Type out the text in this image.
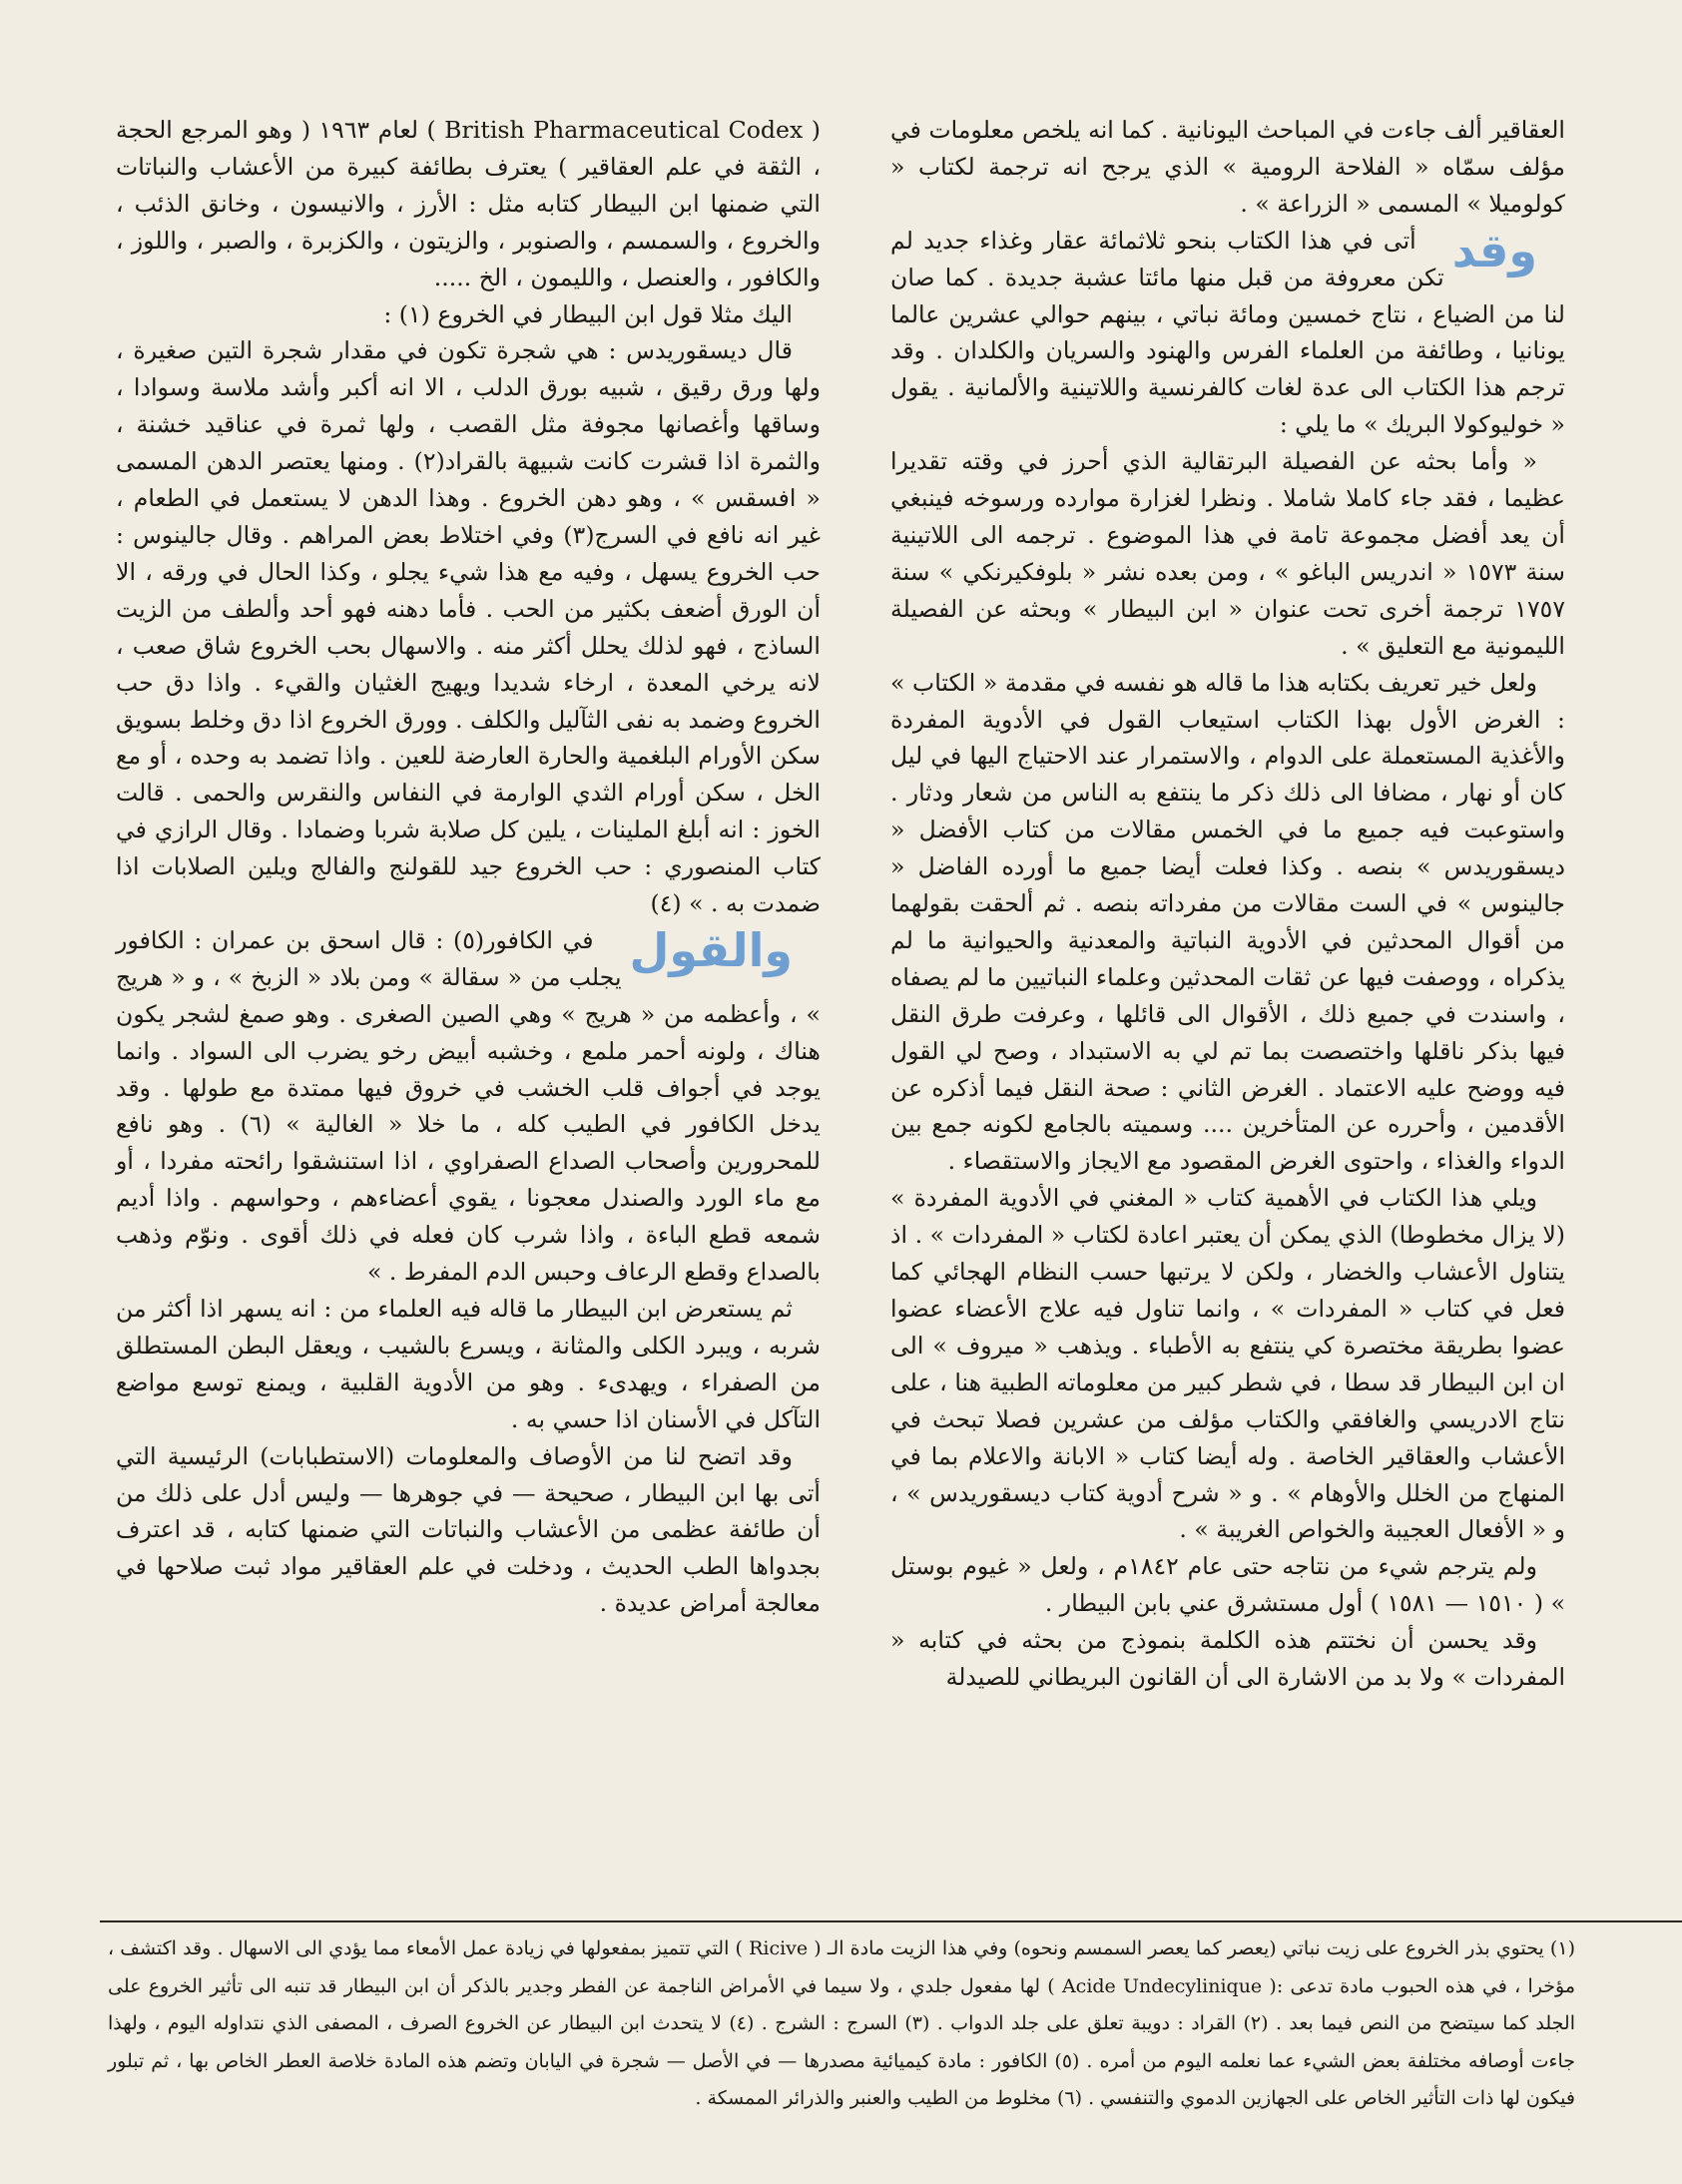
العقاقير ألف جاءت في المباحث اليونانية . كما انه يلخص معلومات في مؤلف سمّاه « الفلاحة الرومية » الذي يرجح انه ترجمة لكتاب « كولوميلا » المسمى « الزراعة » .

وقد
أتى في هذا الكتاب بنحو ثلاثمائة عقار وغذاء جديد لم تكن معروفة من قبل منها مائتا عشبة جديدة . كما صان لنا من الضياع ، نتاج خمسين ومائة نباتي ، بينهم حوالي عشرين عالما يونانيا ، وطائفة من العلماء الفرس والهنود والسريان والكلدان . وقد ترجم هذا الكتاب الى عدة لغات كالفرنسية واللاتينية والألمانية . يقول « خوليوكولا البريك » ما يلي :

« وأما بحثه عن الفصيلة البرتقالية الذي أحرز في وقته تقديرا عظيما ، فقد جاء كاملا شاملا . ونظرا لغزارة موارده ورسوخه فينبغي أن يعد أفضل مجموعة تامة في هذا الموضوع . ترجمه الى اللاتينية سنة ١٥٧٣ « اندريس الباغو » ، ومن بعده نشر « بلوفكيرنكي » سنة ١٧٥٧ ترجمة أخرى تحت عنوان « ابن البيطار » وبحثه عن الفصيلة الليمونية مع التعليق » .

ولعل خير تعريف بكتابه هذا ما قاله هو نفسه في مقدمة « الكتاب » : الغرض الأول بهذا الكتاب استيعاب القول في الأدوية المفردة والأغذية المستعملة على الدوام ، والاستمرار عند الاحتياج اليها في ليل كان أو نهار ، مضافا الى ذلك ذكر ما ينتفع به الناس من شعار ودثار . واستوعبت فيه جميع ما في الخمس مقالات من كتاب الأفضل « ديسقوريدس » بنصه . وكذا فعلت أيضا جميع ما أورده الفاضل « جالينوس » في الست مقالات من مفرداته بنصه . ثم ألحقت بقولهما من أقوال المحدثين في الأدوية النباتية والمعدنية والحيوانية ما لم يذكراه ، ووصفت فيها عن ثقات المحدثين وعلماء النباتيين ما لم يصفاه ، واسندت في جميع ذلك ، الأقوال الى قائلها ، وعرفت طرق النقل فيها بذكر ناقلها واختصصت بما تم لي به الاستبداد ، وصح لي القول فيه ووضح عليه الاعتماد . الغرض الثاني : صحة النقل فيما أذكره عن الأقدمين ، وأحرره عن المتأخرين .... وسميته بالجامع لكونه جمع بين الدواء والغذاء ، واحتوى الغرض المقصود مع الايجاز والاستقصاء .

ويلي هذا الكتاب في الأهمية كتاب « المغني في الأدوية المفردة » (لا يزال مخطوطا) الذي يمكن أن يعتبر اعادة لكتاب « المفردات » . اذ يتناول الأعشاب والخضار ، ولكن لا يرتبها حسب النظام الهجائي كما فعل في كتاب « المفردات » ، وانما تناول فيه علاج الأعضاء عضوا عضوا بطريقة مختصرة كي ينتفع به الأطباء . ويذهب « ميروف » الى ان ابن البيطار قد سطا ، في شطر كبير من معلوماته الطبية هنا ، على نتاج الادريسي والغافقي والكتاب مؤلف من عشرين فصلا تبحث في الأعشاب والعقاقير الخاصة . وله أيضا كتاب « الابانة والاعلام بما في المنهاج من الخلل والأوهام » . و « شرح أدوية كتاب ديسقوريدس » ، و « الأفعال العجيبة والخواص الغريبة » .

ولم يترجم شيء من نتاجه حتى عام ١٨٤٢م ، ولعل « غيوم بوستل » ( ١٥١٠ — ١٥٨١ ) أول مستشرق عني بابن البيطار .

وقد يحسن أن نختتم هذه الكلمة بنموذج من بحثه في كتابه « المفردات » ولا بد من الاشارة الى أن القانون البريطاني للصيدلة

( British Pharmaceutical Codex ) لعام ١٩٦٣ ( وهو المرجع الحجة ، الثقة في علم العقاقير ) يعترف بطائفة كبيرة من الأعشاب والنباتات التي ضمنها ابن البيطار كتابه مثل : الأرز ، والانيسون ، وخانق الذئب ، والخروع ، والسمسم ، والصنوبر ، والزيتون ، والكزبرة ، والصبر ، واللوز ، والكافور ، والعنصل ، والليمون ، الخ .....

اليك مثلا قول ابن البيطار في الخروع (١) :

قال ديسقوريدس : هي شجرة تكون في مقدار شجرة التين صغيرة ، ولها ورق رقيق ، شبيه بورق الدلب ، الا انه أكبر وأشد ملاسة وسوادا ، وساقها وأغصانها مجوفة مثل القصب ، ولها ثمرة في عناقيد خشنة ، والثمرة اذا قشرت كانت شبيهة بالقراد(٢) . ومنها يعتصر الدهن المسمى « افسقس » ، وهو دهن الخروع . وهذا الدهن لا يستعمل في الطعام ، غير انه نافع في السرج(٣) وفي اختلاط بعض المراهم . وقال جالينوس : حب الخروع يسهل ، وفيه مع هذا شيء يجلو ، وكذا الحال في ورقه ، الا أن الورق أضعف بكثير من الحب . فأما دهنه فهو أحد وألطف من الزيت الساذج ، فهو لذلك يحلل أكثر منه . والاسهال بحب الخروع شاق صعب ، لانه يرخي المعدة ، ارخاء شديدا ويهيج الغثيان والقيء . واذا دق حب الخروع وضمد به نفى الثآليل والكلف . وورق الخروع اذا دق وخلط بسويق سكن الأورام البلغمية والحارة العارضة للعين . واذا تضمد به وحده ، أو مع الخل ، سكن أورام الثدي الوارمة في النفاس والنقرس والحمى . قالت الخوز : انه أبلغ الملينات ، يلين كل صلابة شربا وضمادا . وقال الرازي في كتاب المنصوري : حب الخروع جيد للقولنج والفالج ويلين الصلابات اذا ضمدت به . » (٤)

والقول
في الكافور(٥) : قال اسحق بن عمران : الكافور يجلب من « سقالة » ومن بلاد « الزبخ » ، و « هريج » ، وأعظمه من « هريج » وهي الصين الصغرى . وهو صمغ لشجر يكون هناك ، ولونه أحمر ملمع ، وخشبه أبيض رخو يضرب الى السواد . وانما يوجد في أجواف قلب الخشب في خروق فيها ممتدة مع طولها . وقد يدخل الكافور في الطيب كله ، ما خلا « الغالية » (٦) . وهو نافع للمحرورين وأصحاب الصداع الصفراوي ، اذا استنشقوا رائحته مفردا ، أو مع ماء الورد والصندل معجونا ، يقوي أعضاءهم ، وحواسهم . واذا أديم شمعه قطع الباءة ، واذا شرب كان فعله في ذلك أقوى . ونوّم وذهب بالصداع وقطع الرعاف وحبس الدم المفرط . »

ثم يستعرض ابن البيطار ما قاله فيه العلماء من : انه يسهر اذا أكثر من شربه ، ويبرد الكلى والمثانة ، ويسرع بالشيب ، ويعقل البطن المستطلق من الصفراء ، ويهدىء . وهو من الأدوية القلبية ، ويمنع توسع مواضع التآكل في الأسنان اذا حسي به .

وقد اتضح لنا من الأوصاف والمعلومات (الاستطبابات) الرئيسية التي أتى بها ابن البيطار ، صحيحة — في جوهرها — وليس أدل على ذلك من أن طائفة عظمى من الأعشاب والنباتات التي ضمنها كتابه ، قد اعترف بجدواها الطب الحديث ، ودخلت في علم العقاقير مواد ثبت صلاحها في معالجة أمراض عديدة .

(١) يحتوي بذر الخروع على زيت نباتي (يعصر كما يعصر السمسم ونحوه) وفي هذا الزيت مادة الـ ( Ricive ) التي تتميز بمفعولها في زيادة عمل الأمعاء مما يؤدي الى الاسهال . وقد اكتشف ، مؤخرا ، في هذه الحبوب مادة تدعى :( Acide Undecylinique ) لها مفعول جلدي ، ولا سيما في الأمراض الناجمة عن الفطر وجدير بالذكر أن ابن البيطار قد تنبه الى تأثير الخروع على الجلد كما سيتضح من النص فيما بعد . (٢) القراد : دويبة تعلق على جلد الدواب . (٣) السرج : الشرج . (٤) لا يتحدث ابن البيطار عن الخروع الصرف ، المصفى الذي نتداوله اليوم ، ولهذا جاءت أوصافه مختلفة بعض الشيء عما نعلمه اليوم من أمره . (٥) الكافور : مادة كيميائية مصدرها — في الأصل — شجرة في اليابان وتضم هذه المادة خلاصة العطر الخاص بها ، ثم تبلور فيكون لها ذات التأثير الخاص على الجهازين الدموي والتنفسي . (٦) مخلوط من الطيب والعنبر والذرائر الممسكة .
